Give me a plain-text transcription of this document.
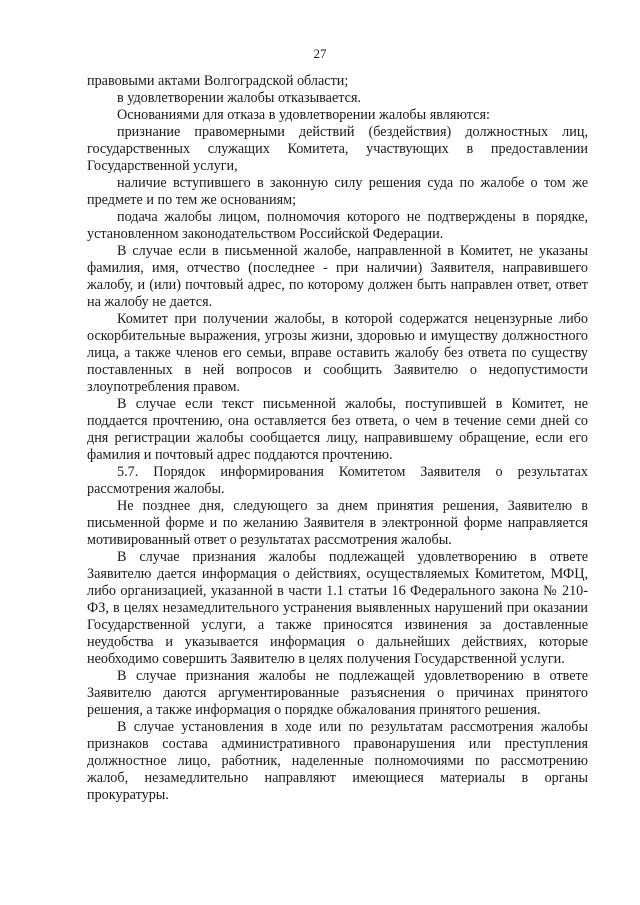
27

правовыми актами Волгоградской области;

в удовлетворении жалобы отказывается.

Основаниями для отказа в удовлетворении жалобы являются:

признание правомерными действий (бездействия) должностных лиц, государственных служащих Комитета, участвующих в предоставлении Государственной услуги,

наличие вступившего в законную силу решения суда по жалобе о том же предмете и по тем же основаниям;

подача жалобы лицом, полномочия которого не подтверждены в порядке, установленном законодательством Российской Федерации.

В случае если в письменной жалобе, направленной в Комитет, не указаны фамилия, имя, отчество (последнее - при наличии) Заявителя, направившего жалобу, и (или) почтовый адрес, по которому должен быть направлен ответ, ответ на жалобу не дается.

Комитет при получении жалобы, в которой содержатся нецензурные либо оскорбительные выражения, угрозы жизни, здоровью и имуществу должностного лица, а также членов его семьи, вправе оставить жалобу без ответа по существу поставленных в ней вопросов и сообщить Заявителю о недопустимости злоупотребления правом.

В случае если текст письменной жалобы, поступившей в Комитет, не поддается прочтению, она оставляется без ответа, о чем в течение семи дней со дня регистрации жалобы сообщается лицу, направившему обращение, если его фамилия и почтовый адрес поддаются прочтению.

5.7. Порядок информирования Комитетом Заявителя о результатах рассмотрения жалобы.

Не позднее дня, следующего за днем принятия решения, Заявителю в письменной форме и по желанию Заявителя в электронной форме направляется мотивированный ответ о результатах рассмотрения жалобы.

В случае признания жалобы подлежащей удовлетворению в ответе Заявителю дается информация о действиях, осуществляемых Комитетом, МФЦ, либо организацией, указанной в части 1.1 статьи 16 Федерального закона № 210-ФЗ, в целях незамедлительного устранения выявленных нарушений при оказании Государственной услуги, а также приносятся извинения за доставленные неудобства и указывается информация о дальнейших действиях, которые необходимо совершить Заявителю в целях получения Государственной услуги.

В случае признания жалобы не подлежащей удовлетворению в ответе Заявителю даются аргументированные разъяснения о причинах принятого решения, а также информация о порядке обжалования принятого решения.

В случае установления в ходе или по результатам рассмотрения жалобы признаков состава административного правонарушения или преступления должностное лицо, работник, наделенные полномочиями по рассмотрению жалоб, незамедлительно направляют имеющиеся материалы в органы прокуратуры.
